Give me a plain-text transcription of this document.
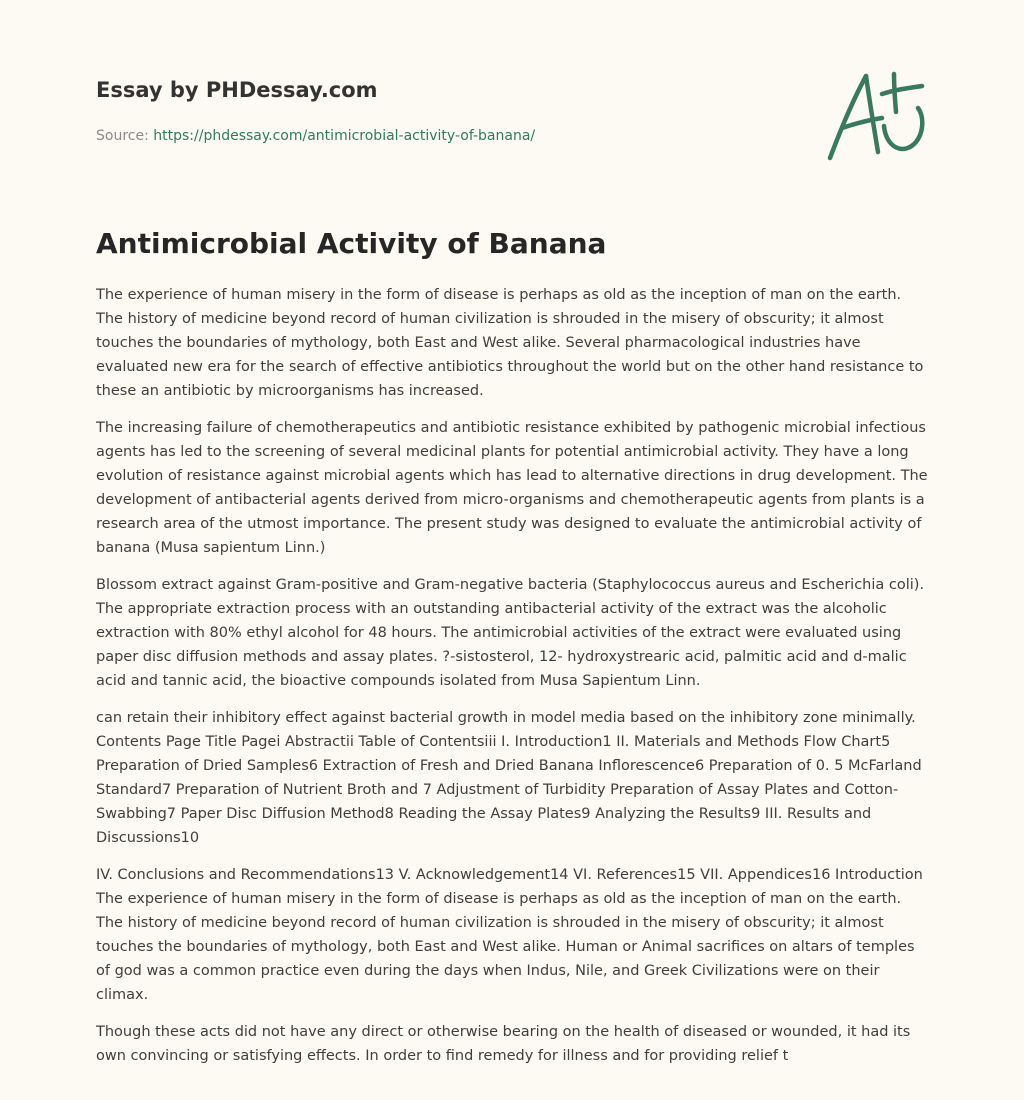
Essay by PHDessay.com
Source: https://phdessay.com/antimicrobial-activity-of-banana/
Antimicrobial Activity of Banana

The experience of human misery in the form of disease is perhaps as old as the inception of man on the earth. The history of medicine beyond record of human civilization is shrouded in the misery of obscurity; it almost touches the boundaries of mythology, both East and West alike. Several pharmacological industries have evaluated new era for the search of effective antibiotics throughout the world but on the other hand resistance to these an antibiotic by microorganisms has increased.

The increasing failure of chemotherapeutics and antibiotic resistance exhibited by pathogenic microbial infectious agents has led to the screening of several medicinal plants for potential antimicrobial activity. They have a long evolution of resistance against microbial agents which has lead to alternative directions in drug development. The development of antibacterial agents derived from micro-organisms and chemotherapeutic agents from plants is a research area of the utmost importance. The present study was designed to evaluate the antimicrobial activity of banana (Musa sapientum Linn.)

Blossom extract against Gram-positive and Gram-negative bacteria (Staphylococcus aureus and Escherichia coli). The appropriate extraction process with an outstanding antibacterial activity of the extract was the alcoholic extraction with 80% ethyl alcohol for 48 hours. The antimicrobial activities of the extract were evaluated using paper disc diffusion methods and assay plates. ?-sistosterol, 12- hydroxystrearic acid, palmitic acid and d-malic acid and tannic acid, the bioactive compounds isolated from Musa Sapientum Linn.

can retain their inhibitory effect against bacterial growth in model media based on the inhibitory zone minimally. Contents Page Title Pagei Abstractii Table of Contentsiii I. Introduction1 II. Materials and Methods Flow Chart5 Preparation of Dried Samples6 Extraction of Fresh and Dried Banana Inflorescence6 Preparation of 0. 5 McFarland Standard7 Preparation of Nutrient Broth and 7 Adjustment of Turbidity Preparation of Assay Plates and Cotton-Swabbing7 Paper Disc Diffusion Method8 Reading the Assay Plates9 Analyzing the Results9 III. Results and Discussions10

IV. Conclusions and Recommendations13 V. Acknowledgement14 VI. References15 VII. Appendices16 Introduction The experience of human misery in the form of disease is perhaps as old as the inception of man on the earth. The history of medicine beyond record of human civilization is shrouded in the misery of obscurity; it almost touches the boundaries of mythology, both East and West alike. Human or Animal sacrifices on altars of temples of god was a common practice even during the days when Indus, Nile, and Greek Civilizations were on their climax.

Though these acts did not have any direct or otherwise bearing on the health of diseased or wounded, it had its own convincing or satisfying effects. In order to find remedy for illness and for providing relief t
